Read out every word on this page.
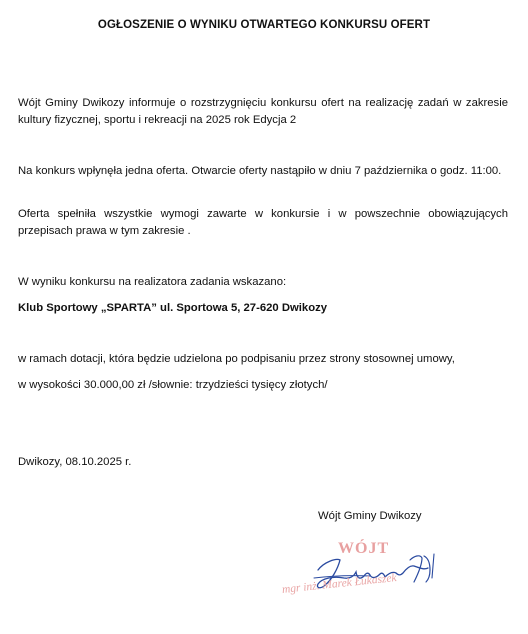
OGŁOSZENIE O WYNIKU OTWARTEGO KONKURSU OFERT
Wójt Gminy Dwikozy informuje o rozstrzygnięciu konkursu ofert na realizację zadań w zakresie kultury fizycznej, sportu i rekreacji na 2025 rok Edycja 2
Na konkurs wpłynęła jedna oferta. Otwarcie oferty nastąpiło w dniu 7 października o godz. 11:00.
Oferta spełniła wszystkie wymogi zawarte w konkursie i w powszechnie obowiązujących przepisach prawa w tym zakresie .
W wyniku konkursu na realizatora zadania wskazano:
Klub Sportowy „SPARTA” ul. Sportowa 5, 27-620 Dwikozy
w ramach dotacji, która będzie udzielona po podpisaniu przez strony stosownej umowy,
w wysokości 30.000,00 zł /słownie: trzydzieści tysięcy złotych/
Dwikozy, 08.10.2025 r.
Wójt Gminy Dwikozy
WÓJT
mgr inż. Marek Łukaszek
